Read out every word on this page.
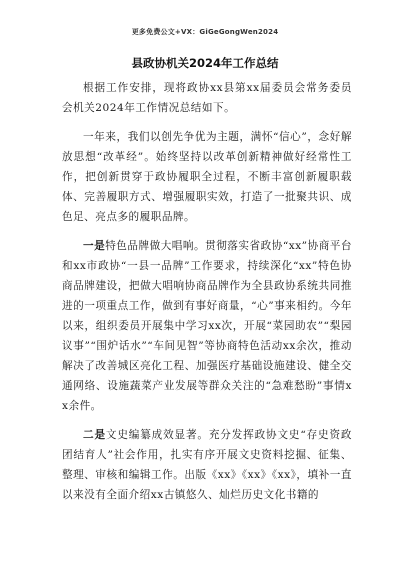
更多免费公文+VX：GiGeGongWen2024
县政协机关2024年工作总结

根据工作安排，现将政协xx县第xx届委员会常务委员会机关2024年工作情况总结如下。

一年来，我们以创先争优为主题，满怀“信心”，念好解放思想“改革经”。始终坚持以改革创新精神做好经常性工作，把创新贯穿于政协履职全过程，不断丰富创新履职载体、完善履职方式、增强履职实效，打造了一批聚共识、成色足、亮点多的履职品牌。

一是特色品牌做大唱响。贯彻落实省政协“xx”协商平台和xx市政协“一县一品牌”工作要求，持续深化“xx”特色协商品牌建设，把做大唱响协商品牌作为全县政协系统共同推进的一项重点工作，做到有事好商量，“心”事来相约。今年以来，组织委员开展集中学习xx次，开展“菜园助农”“梨园议事”“围炉话水”“车间见智”等协商特色活动xx余次，推动解决了改善城区亮化工程、加强医疗基础设施建设、健全交通网络、设施蔬菜产业发展等群众关注的“急难愁盼”事情xx余件。

二是文史编纂成效显著。充分发挥政协文史“存史资政团结育人”社会作用，扎实有序开展文史资料挖掘、征集、整理、审核和编辑工作。出版《xx》《xx》《xx》，填补一直以来没有全面介绍xx古镇悠久、灿烂历史文化书籍的
